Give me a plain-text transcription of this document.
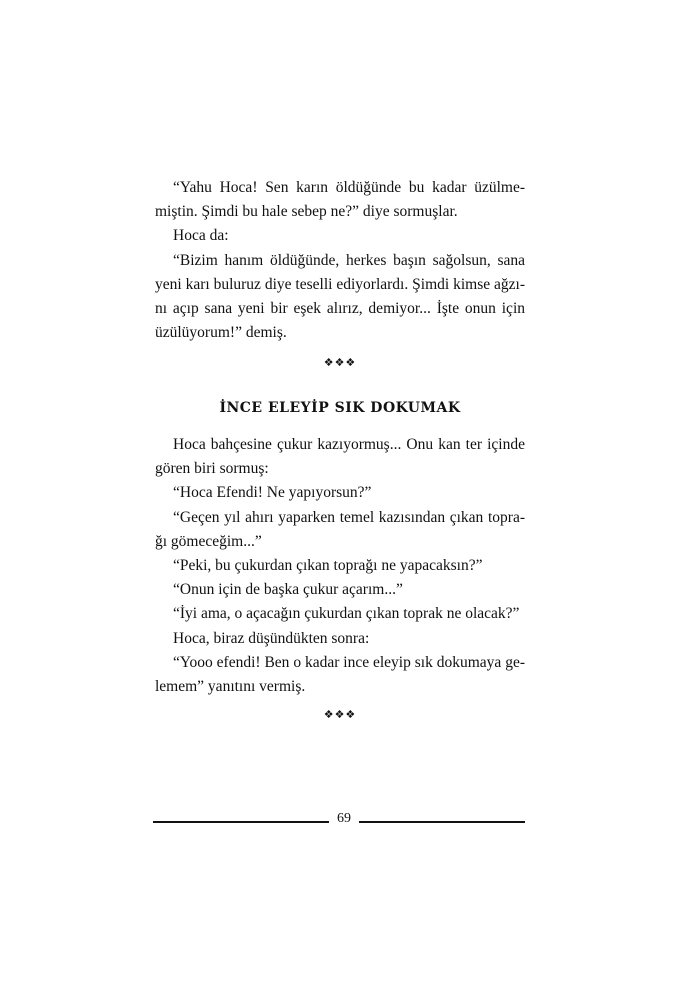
“Yahu Hoca! Sen karın öldüğünde bu kadar üzülme-
miştin. Şimdi bu hale sebep ne?” diye sormuşlar.

Hoca da:

“Bizim hanım öldüğünde, herkes başın sağolsun, sana
yeni karı buluruz diye teselli ediyorlardı. Şimdi kimse ağzı-
nı açıp sana yeni bir eşek alırız, demiyor... İşte onun için
üzülüyorum!” demiş.

❖❖❖
İNCE ELEYİP SIK DOKUMAK

Hoca bahçesine çukur kazıyormuş... Onu kan ter içinde
gören biri sormuş:

“Hoca Efendi! Ne yapıyorsun?”

“Geçen yıl ahırı yaparken temel kazısından çıkan topra-
ğı gömeceğim...”

“Peki, bu çukurdan çıkan toprağı ne yapacaksın?”

“Onun için de başka çukur açarım...”

“İyi ama, o açacağın çukurdan çıkan toprak ne olacak?”

Hoca, biraz düşündükten sonra:

“Yooo efendi! Ben o kadar ince eleyip sık dokumaya ge-
lemem” yanıtını vermiş.

❖❖❖
69
